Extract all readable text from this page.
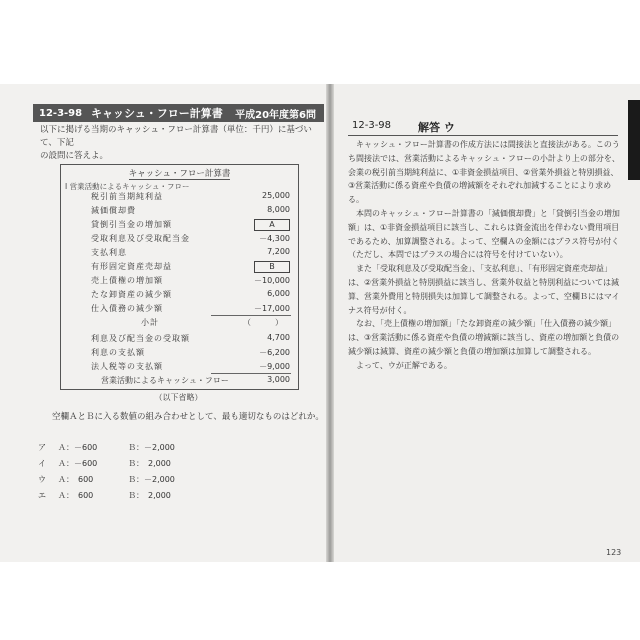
12-3-98 キャッシュ・フロー計算書	平成20年度第6問
以下に掲げる当期のキャッシュ・フロー計算書（単位：千円）に基づいて、下記
の設問に答えよ。
キャッシュ・フロー計算書
Ⅰ 営業活動によるキャッシュ・フロー
税引前当期純利益	25,000
減価償却費	8,000
貸倒引当金の増加額	A
受取利息及び受取配当金	－4,300
支払利息	7,200
有形固定資産売却益	B
売上債権の増加額	－10,000
たな卸資産の減少額	6,000
仕入債務の減少額	－17,000
小計	（　　　）
利息及び配当金の受取額	4,700
利息の支払額	－6,200
法人税等の支払額	－9,000
営業活動によるキャッシュ・フロー	3,000
（以下省略）
空欄ＡとＢに入る数値の組み合わせとして、最も適切なものはどれか。
ア Ａ：－600	Ｂ：－2,000
イ Ａ：－600	Ｂ：　2,000
ウ Ａ：　600	Ｂ：－2,000
エ Ａ：　600	Ｂ：　2,000
12-3-98 解答 ウ

キャッシュ・フロー計算書の作成方法には間接法と直接法がある。このうち間接法では、営業活動によるキャッシュ・フローの小計より上の部分を、会業の税引前当期純利益に、①非資金損益項目、②営業外損益と特別損益、③営業活動に係る資産や負債の増減額をそれぞれ加減することにより求める。

本問のキャッシュ・フロー計算書の「減価償却費」と「貸倒引当金の増加額」は、①非資金損益項目に該当し、これらは資金流出を伴わない費用項目であるため、加算調整される。よって、空欄Ａの金額にはプラス符号が付く（ただし、本問ではプラスの場合には符号を付けていない）。

また「受取利息及び受取配当金」、「支払利息」、「有形固定資産売却益」は、②営業外損益と特別損益に該当し、営業外収益と特別利益については減算、営業外費用と特別損失は加算して調整される。よって、空欄Ｂにはマイナス符号が付く。

なお、「売上債権の増加額」「たな卸資産の減少額」「仕入債務の減少額」は、③営業活動に係る資産や負債の増減額に該当し、資産の増加額と負債の減少額は減算、資産の減少額と負債の増加額は加算して調整される。

よって、ウが正解である。

123
